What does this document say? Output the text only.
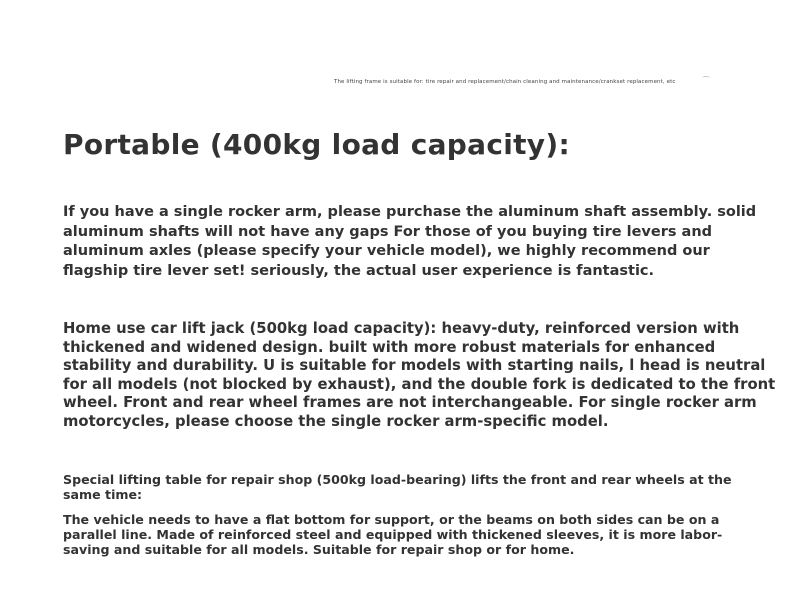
The lifting frame is suitable for: tire repair and replacement/chain cleaning and maintenance/crankset replacement, etc	⌒
Portable (400kg load capacity):

If you have a single rocker arm, please purchase the aluminum shaft assembly. solid aluminum shafts will not have any gaps For those of you buying tire levers and aluminum axles (please specify your vehicle model), we highly recommend our flagship tire lever set! seriously, the actual user experience is fantastic.

Home use car lift jack (500kg load capacity): heavy-duty, reinforced version with thickened and widened design. built with more robust materials for enhanced stability and durability. U is suitable for models with starting nails, l head is neutral for all models (not blocked by exhaust), and the double fork is dedicated to the front wheel. Front and rear wheel frames are not interchangeable. For single rocker arm motorcycles, please choose the single rocker arm-specific model.

Special lifting table for repair shop (500kg load-bearing) lifts the front and rear wheels at the same time:

The vehicle needs to have a flat bottom for support, or the beams on both sides can be on a parallel line. Made of reinforced steel and equipped with thickened sleeves, it is more labor-saving and suitable for all models. Suitable for repair shop or for home.
